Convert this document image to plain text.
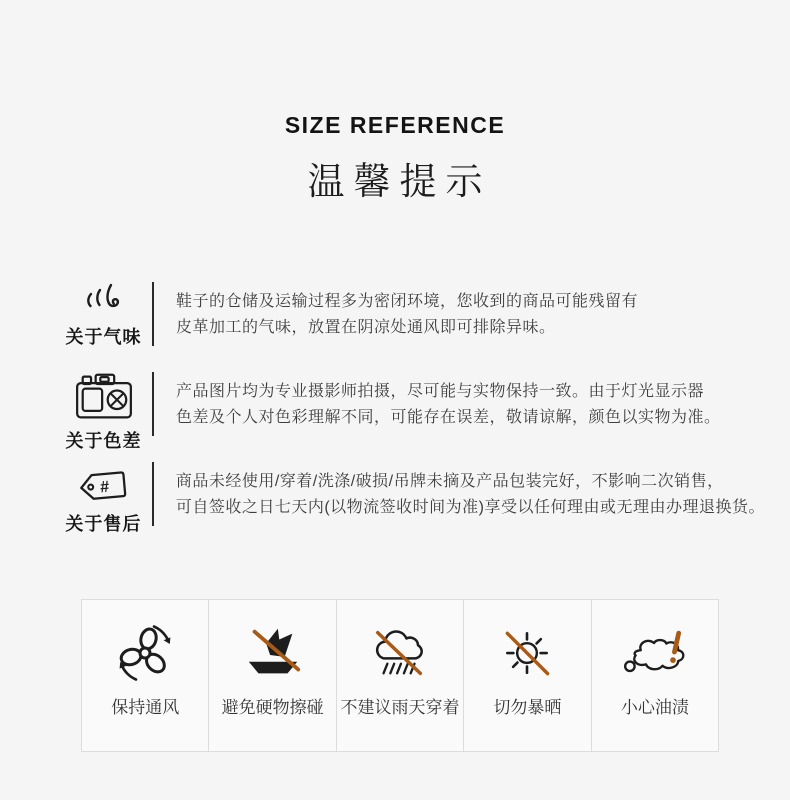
SIZE REFERENCE
温馨提示
关于气味
鞋子的仓储及运输过程多为密闭环境，您收到的商品可能残留有
皮革加工的气味，放置在阴凉处通风即可排除异味。
关于色差
产品图片均为专业摄影师拍摄，尽可能与实物保持一致。由于灯光显示器
色差及个人对色彩理解不同，可能存在误差，敬请谅解，颜色以实物为准。
#
关于售后
商品未经使用/穿着/洗涤/破损/吊牌未摘及产品包装完好，不影响二次销售，
可自签收之日七天内(以物流签收时间为准)享受以任何理由或无理由办理退换货。
保持通风 避免硬物擦碰 不建议雨天穿着 切勿暴晒	小心油渍
